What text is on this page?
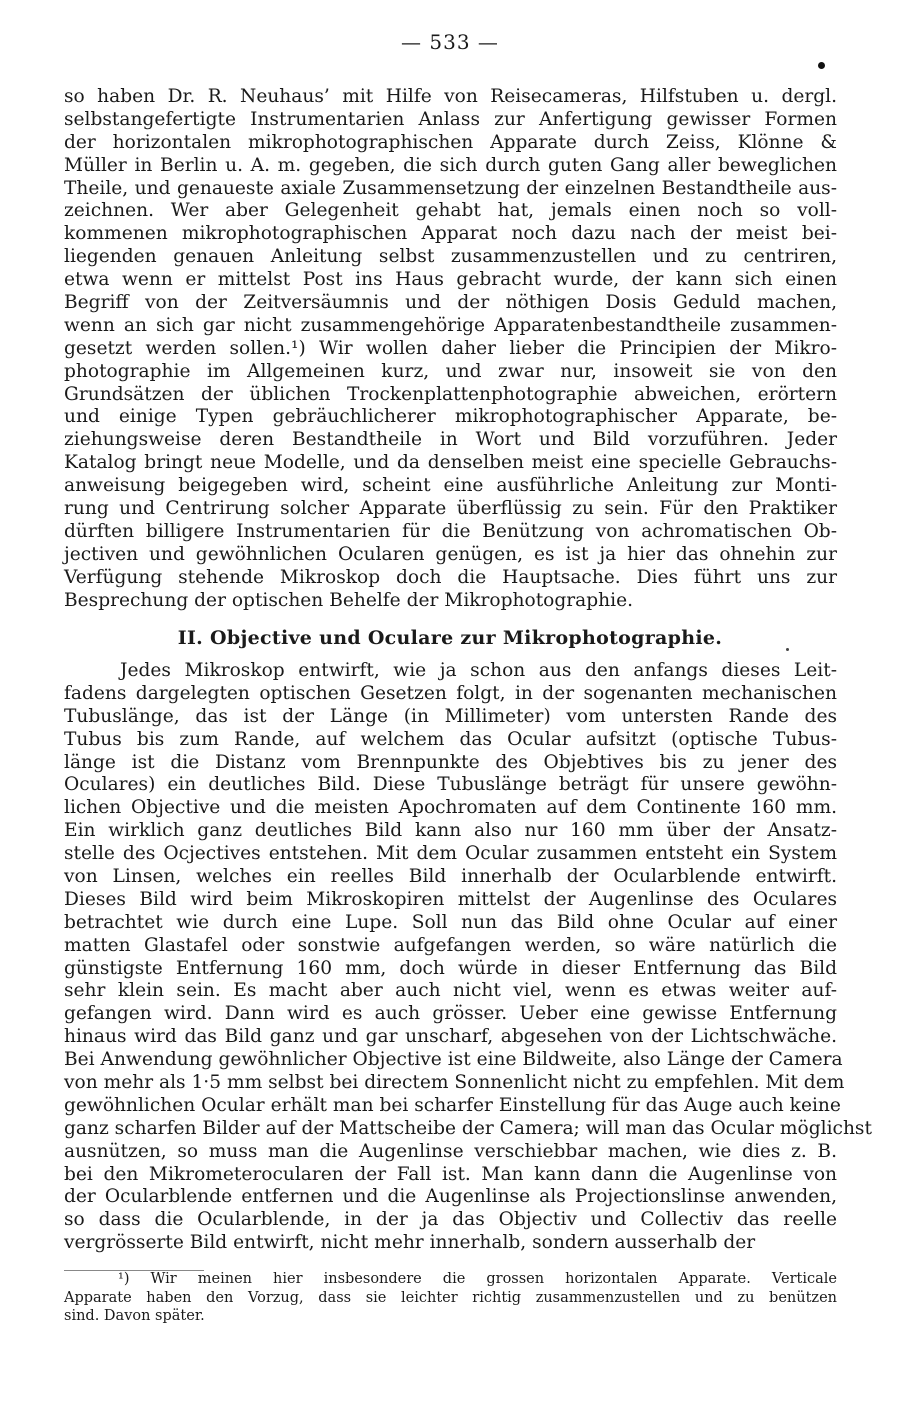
— 533 —
so haben Dr. R. Neuhaus’ mit Hilfe von Reisecameras, Hilfstuben u. dergl.
selbstangefertigte Instrumentarien Anlass zur Anfertigung gewisser Formen
der horizontalen mikrophotographischen Apparate durch Zeiss, Klönne &
Müller in Berlin u. A. m. gegeben, die sich durch guten Gang aller beweglichen
Theile, und genaueste axiale Zusammensetzung der einzelnen Bestandtheile aus-
zeichnen. Wer aber Gelegenheit gehabt hat, jemals einen noch so voll-
kommenen mikrophotographischen Apparat noch dazu nach der meist bei-
liegenden genauen Anleitung selbst zusammenzustellen und zu centriren,
etwa wenn er mittelst Post ins Haus gebracht wurde, der kann sich einen
Begriff von der Zeitversäumnis und der nöthigen Dosis Geduld machen,
wenn an sich gar nicht zusammengehörige Apparatenbestandtheile zusammen-
gesetzt werden sollen.¹) Wir wollen daher lieber die Principien der Mikro-
photographie im Allgemeinen kurz, und zwar nur, insoweit sie von den
Grundsätzen der üblichen Trockenplattenphotographie abweichen, erörtern
und einige Typen gebräuchlicherer mikrophotographischer Apparate, be-
ziehungsweise deren Bestandtheile in Wort und Bild vorzuführen. Jeder
Katalog bringt neue Modelle, und da denselben meist eine specielle Gebrauchs-
anweisung beigegeben wird, scheint eine ausführliche Anleitung zur Monti-
rung und Centrirung solcher Apparate überflüssig zu sein. Für den Praktiker
dürften billigere Instrumentarien für die Benützung von achromatischen Ob-
jectiven und gewöhnlichen Ocularen genügen, es ist ja hier das ohnehin zur
Verfügung stehende Mikroskop doch die Hauptsache. Dies führt uns zur
Besprechung der optischen Behelfe der Mikrophotographie.
II. Objective und Oculare zur Mikrophotographie.
Jedes Mikroskop entwirft, wie ja schon aus den anfangs dieses Leit-
fadens dargelegten optischen Gesetzen folgt, in der sogenanten mechanischen
Tubuslänge, das ist der Länge (in Millimeter) vom untersten Rande des
Tubus bis zum Rande, auf welchem das Ocular aufsitzt (optische Tubus-
länge ist die Distanz vom Brennpunkte des Objebtives bis zu jener des
Oculares) ein deutliches Bild. Diese Tubuslänge beträgt für unsere gewöhn-
lichen Objective und die meisten Apochromaten auf dem Continente 160 mm.
Ein wirklich ganz deutliches Bild kann also nur 160 mm über der Ansatz-
stelle des Ocjectives entstehen. Mit dem Ocular zusammen entsteht ein System
von Linsen, welches ein reelles Bild innerhalb der Ocularblende entwirft.
Dieses Bild wird beim Mikroskopiren mittelst der Augenlinse des Oculares
betrachtet wie durch eine Lupe. Soll nun das Bild ohne Ocular auf einer
matten Glastafel oder sonstwie aufgefangen werden, so wäre natürlich die
günstigste Entfernung 160 mm, doch würde in dieser Entfernung das Bild
sehr klein sein. Es macht aber auch nicht viel, wenn es etwas weiter auf-
gefangen wird. Dann wird es auch grösser. Ueber eine gewisse Entfernung
hinaus wird das Bild ganz und gar unscharf, abgesehen von der Lichtschwäche.
Bei Anwendung gewöhnlicher Objective ist eine Bildweite, also Länge der Camera
von mehr als 1·5 mm selbst bei directem Sonnenlicht nicht zu empfehlen. Mit dem
gewöhnlichen Ocular erhält man bei scharfer Einstellung für das Auge auch keine
ganz scharfen Bilder auf der Mattscheibe der Camera; will man das Ocular möglichst
ausnützen, so muss man die Augenlinse verschiebbar machen, wie dies z. B.
bei den Mikrometerocularen der Fall ist. Man kann dann die Augenlinse von
der Ocularblende entfernen und die Augenlinse als Projectionslinse anwenden,
so dass die Ocularblende, in der ja das Objectiv und Collectiv das reelle
vergrösserte Bild entwirft, nicht mehr innerhalb, sondern ausserhalb der
¹) Wir meinen hier insbesondere die grossen horizontalen Apparate. Verticale
Apparate haben den Vorzug, dass sie leichter richtig zusammenzustellen und zu benützen
sind. Davon später.
